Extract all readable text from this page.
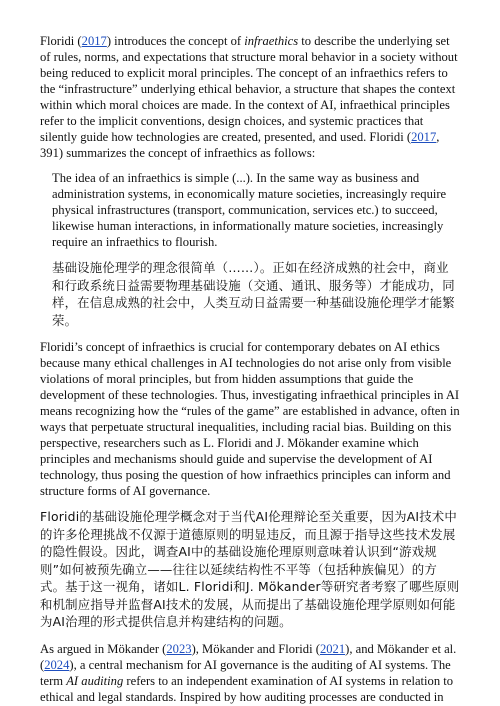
Floridi (2017) introduces the concept of infraethics to describe the underlying set of rules, norms, and expectations that structure moral behavior in a society without being reduced to explicit moral principles. The concept of an infraethics refers to the “infrastructure” underlying ethical behavior, a structure that shapes the context within which moral choices are made. In the context of AI, infraethical principles refer to the implicit conventions, design choices, and systemic practices that silently guide how technologies are created, presented, and used. Floridi (2017, 391) summarizes the concept of infraethics as follows:

The idea of an infraethics is simple (...). In the same way as business and administration systems, in economically mature societies, increasingly require physical infrastructures (transport, communication, services etc.) to succeed, likewise human interactions, in informationally mature societies, increasingly require an infraethics to flourish.

基础设施伦理学的理念很简单（……）。正如在经济成熟的社会中，商业和行政系统日益需要物理基础设施（交通、通讯、服务等）才能成功，同样，在信息成熟的社会中，人类互动日益需要一种基础设施伦理学才能繁荣。

Floridi’s concept of infraethics is crucial for contemporary debates on AI ethics because many ethical challenges in AI technologies do not arise only from visible violations of moral principles, but from hidden assumptions that guide the development of these technologies. Thus, investigating infraethical principles in AI means recognizing how the “rules of the game” are established in advance, often in ways that perpetuate structural inequalities, including racial bias. Building on this perspective, researchers such as L. Floridi and J. Mökander examine which principles and mechanisms should guide and supervise the development of AI technology, thus posing the question of how infraethics principles can inform and structure forms of AI governance.

Floridi的基础设施伦理学概念对于当代AI伦理辩论至关重要，因为AI技术中的许多伦理挑战不仅源于道德原则的明显违反，而且源于指导这些技术发展的隐性假设。因此，调查AI中的基础设施伦理原则意味着认识到“游戏规则”如何被预先确立——往往以延续结构性不平等（包括种族偏见）的方式。基于这一视角，诸如L. Floridi和J. Mökander等研究者考察了哪些原则和机制应指导并监督AI技术的发展，从而提出了基础设施伦理学原则如何能为AI治理的形式提供信息并构建结构的问题。

As argued in Mökander (2023), Mökander and Floridi (2021), and Mökander et al. (2024), a central mechanism for AI governance is the auditing of AI systems. The term AI auditing refers to an independent examination of AI systems in relation to ethical and legal standards. Inspired by how auditing processes are conducted in
